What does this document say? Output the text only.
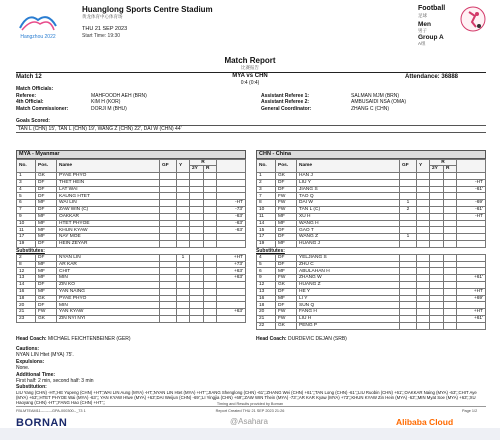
Hangzhou 2022
Huanglong Sports Centre Stadium
黄龙体育中心体育场
THU 21 SEP 2023
Start Time: 19:30
Football
足球
Men
男子
Group A
A组
Match Report
比赛报告
Match 12	MYA vs CHN
0:4 (0:4)
Attendance: 36888
Match Officials:
Referee:	MAHFOODH AEH (BRN)	Assistant Referee 1:	SALMAN MJM (BRN)
4th Official:	KIM H (KOR)	Assistant Referee 2:	AMBUSAIDI NSA (OMA)
Match Commissioner:	DORJI M (BHU)	General Coordinator:	ZHANG C (CHN)
Goals Scored:
TAN L (CHN) 15', TAN L (CHN) 19', WANG Z (CHN) 22', DAI W (CHN) 44'
MYA - Myanmar
No.	Pos.	Name	GF	Y	R		
					2Y	R	
1	GK	PYAE PHYO					
3	DF	THET HEIN					
4	DF	LAT WAI					
5	DF	KAUNG HTET					
6	MF	WAI LIN					-HT
7	DF	ZAW WIN (C)					-73'
9	MF	OAKKAR					-63'
10	MF	HTET PHYOE					-63'
11	MF	KHUN KYAW					-63'
17	MF	NAY MOE					
19	DF	HEIN ZEYAR					
Substitutes:
2	DF	NYAN LIN		1			+HT
8	MF	AR KAR					+73'
12	MF	CHIT					+63'
13	MF	MIN					+63'
14	DF	ZIN KO					
16	MF	YAN NAING					
18	GK	PYAE PHYO					
20	DF	MIN					
21	FW	YAN KYAW					+63'
23	GK	ZIN NYI NYI					
CHN - China
No.	Pos.	Name	GF	Y	R		
					2Y	R	
1	GK	HAN J					
2	DF	LIU Y					-HT
3	DF	JIANG S					-61'
7	FW	TAO Q					
8	FW	DAI W	1				-69'
10	FW	TAN L (C)	2				-61'
11	MF	XU H					-HT
14	MF	WANG H					
15	DF	GAO T					
17	DF	WANG Z	1				
19	MF	HUANG J					
Substitutes:
4	DF	YELJIANG S					
5	DF	ZHU C					
6	MF	ABULAHAN H					
9	FW	ZHANG W					+61'
12	GK	HUANG Z					
13	DF	HE Y					+HT
16	MF	LI Y					+69'
18	DF	SUN Q					
20	FW	FANG H					+HT
21	FW	LIU H					+61'
22	GK	PENG P					
Head Coach: MICHAEL FEICHTENBEINER (GER)	Head Coach: DURDEVIC DEJAN (SRB)
Cautions:
NYAN LIN Htet (MYA) 75'.
Expulsions:
None.
Additional Time:
First half: 2 min, second half: 3 min
Substitution:
LIU Yang (CHN) -HT,;HE Yupeng (CHN) +HT';WAI LIN Aung (MYA) -HT;;NYAN LIN Htet (MYA) +HT';;JIANG Shenglong (CHN) -61';;ZHANG Wei (CHN) +61';;TAN Long (CHN) -61';;LIU Ruobin (CHN) +61';;OAKKAR Naing (MYA) -63';;CHIT Aye (MYA) +63';;HTET PHYOE Wai (MYA) -63';; YAN KYAW Htwe (MYA) +63';DAI Weijun (CHN) -69';;LI Yingjia (CHN) +69';;ZAW WIN Thein (MYA) -73';;AR KAR Kyaw (MYA) +73';;KHUN KYAW Zin Hein (MYA) -63';;MIN Myat Soe (MYA) +63';;XU Haoyang (CHN) -HT';;FANG Hao (CHN) +HT';;	Timing and Results provided by Bornan
FBLMTEAM11---------GPA-000300--_73 1	Report Created THU 21 SEP 2023 21:26	Page 1/2
BORNAN	@Asahara	Alibaba Cloud
